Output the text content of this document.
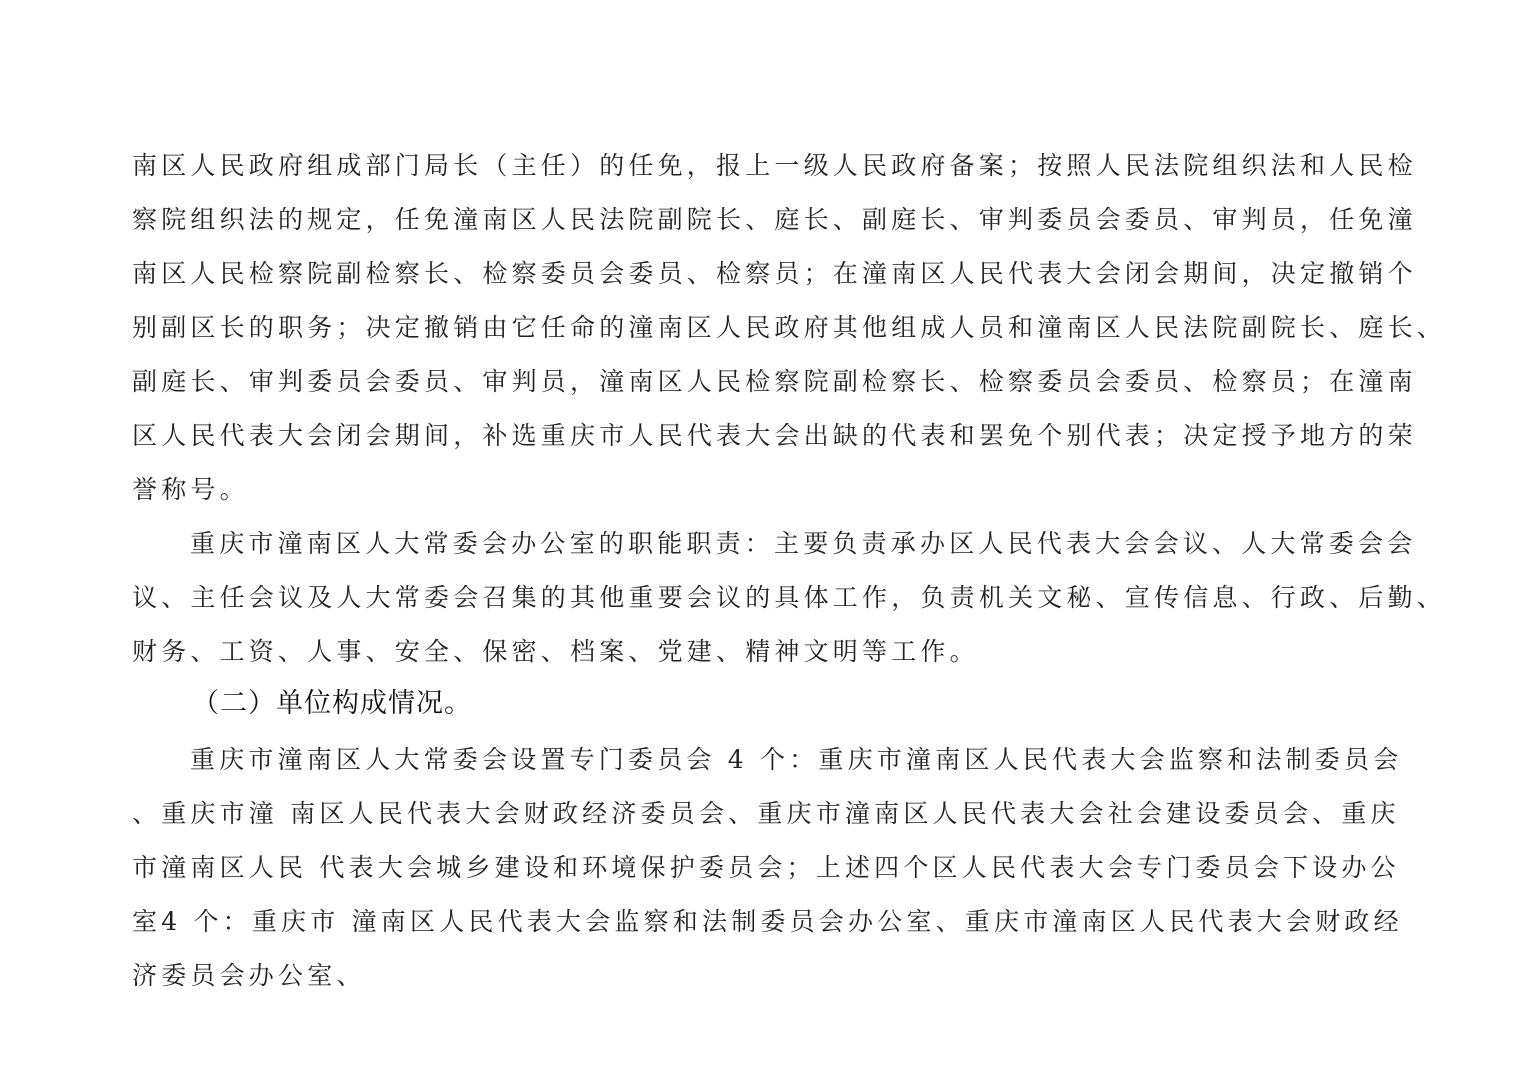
南区人民政府组成部门局长（主任）的任免，报上一级人民政府备案；按照人民法院组织法和人民检
察院组织法的规定，任免潼南区人民法院副院长、庭长、副庭长、审判委员会委员、审判员，任免潼
南区人民检察院副检察长、检察委员会委员、检察员；在潼南区人民代表大会闭会期间，决定撤销个
别副区长的职务；决定撤销由它任命的潼南区人民政府其他组成人员和潼南区人民法院副院长、庭长、
副庭长、审判委员会委员、审判员，潼南区人民检察院副检察长、检察委员会委员、检察员；在潼南
区人民代表大会闭会期间，补选重庆市人民代表大会出缺的代表和罢免个别代表；决定授予地方的荣
誉称号。
重庆市潼南区人大常委会办公室的职能职责：主要负责承办区人民代表大会会议、人大常委会会
议、主任会议及人大常委会召集的其他重要会议的具体工作，负责机关文秘、宣传信息、行政、后勤、
财务、工资、人事、安全、保密、档案、党建、精神文明等工作。
（二）单位构成情况。
重庆市潼南区人大常委会设置专门委员会 4 个：重庆市潼南区人民代表大会监察和法制委员会
、重庆市潼 南区人民代表大会财政经济委员会、重庆市潼南区人民代表大会社会建设委员会、重庆
市潼南区人民 代表大会城乡建设和环境保护委员会；上述四个区人民代表大会专门委员会下设办公
室4 个：重庆市 潼南区人民代表大会监察和法制委员会办公室、重庆市潼南区人民代表大会财政经
济委员会办公室、
